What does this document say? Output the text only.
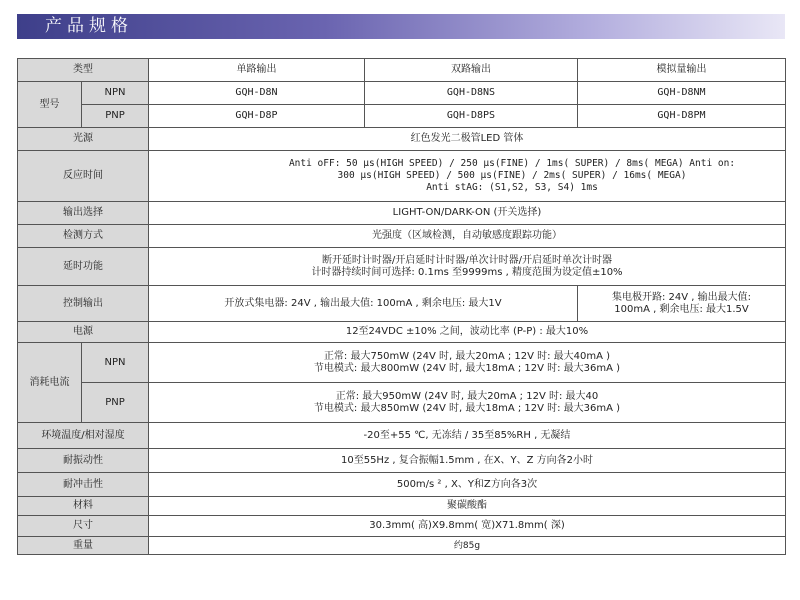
产品规格
类型		单路输出	双路输出	模拟量输出
型号	NPN	GQH-D8N	GQH-D8NS	GQH-D8NM
	PNP	GQH-D8P	GQH-D8PS	GQH-D8PM
光源		红色发光二极管LED 管体		
反应时间		Anti oFF: 50 μs(HIGH SPEED) / 250 μs(FINE) / 1ms( SUPER) / 8ms( MEGA) Anti on:
300 μs(HIGH SPEED) / 500 μs(FINE) / 2ms( SUPER) / 16ms( MEGA)
Anti stAG: (S1,S2, S3, S4) 1ms		

输出选择		LIGHT-ON/DARK-ON (开关选择)		
检测方式		光强度（区域检测，自动敏感度跟踪功能）		
延时功能		断开延时计时器/开启延时计时器/单次计时器/开启延时单次计时器
计时器持续时间可选择: 0.1ms 至9999ms , 精度范围为设定值±10%		

控制输出		开放式集电器: 24V , 输出最大值: 100mA , 剩余电压: 最大1V		集电极开路: 24V , 输出最大值:
100mA , 剩余电压: 最大1.5V

电源		12至24VDC ±10% 之间，波动比率 (P-P) : 最大10%		
消耗电流	NPN	正常: 最大750mW (24V 时, 最大20mA ; 12V 时: 最大40mA )
节电模式: 最大800mW (24V 时, 最大18mA ; 12V 时: 最大36mA )		

	PNP	正常: 最大950mW (24V 时, 最大20mA ; 12V 时: 最大40
节电模式: 最大850mW (24V 时, 最大18mA ; 12V 时: 最大36mA )		

环境温度/相对湿度		-20至+55 ℃, 无冻结 / 35至85%RH , 无凝结		
耐振动性		10至55Hz , 复合振幅1.5mm , 在X、Y、Z 方向各2小时		
耐冲击性		500m/s ² , X、Y和Z方向各3次		
材料		聚碳酸酯		
尺寸		30.3mm( 高)X9.8mm( 宽)X71.8mm( 深)		
重量		约85g		
